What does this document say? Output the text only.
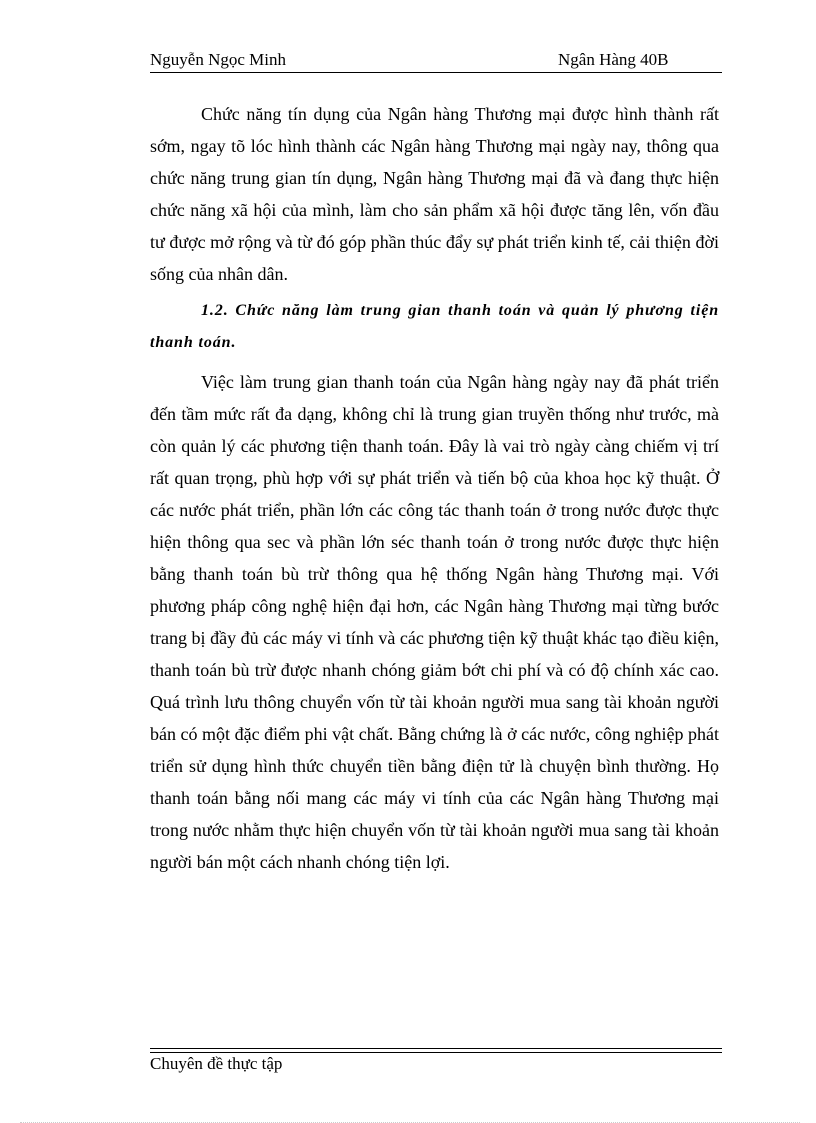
Nguyễn Ngọc Minh	Ngân Hàng 40B

Chức năng tín dụng của Ngân hàng Thương mại được hình thành rất sớm, ngay tõ lóc hình thành các Ngân hàng Thương mại ngày nay, thông qua chức năng trung gian tín dụng, Ngân hàng Thương mại đã và đang thực hiện chức năng xã hội của mình, làm cho sản phẩm xã hội được tăng lên, vốn đầu tư được mở rộng và từ đó góp phần thúc đẩy sự phát triển kinh tế, cải thiện đời sống của nhân dân.

1.2. Chức năng làm trung gian thanh toán và quản lý phương tiện thanh toán.

Việc làm trung gian thanh toán của Ngân hàng ngày nay đã phát triển đến tầm mức rất đa dạng, không chỉ là trung gian truyền thống như trước, mà còn quản lý các phương tiện thanh toán. Đây là vai trò ngày càng chiếm vị trí rất quan trọng, phù hợp với sự phát triển và tiến bộ của khoa học kỹ thuật. Ở các nước phát triển, phần lớn các công tác thanh toán ở trong nước được thực hiện thông qua sec và phần lớn séc thanh toán ở trong nước được thực hiện bằng thanh toán bù trừ thông qua hệ thống Ngân hàng Thương mại. Với phương pháp công nghệ hiện đại hơn, các Ngân hàng Thương mại từng bước trang bị đầy đủ các máy vi tính và các phương tiện kỹ thuật khác tạo điều kiện, thanh toán bù trừ được nhanh chóng giảm bớt chi phí và có độ chính xác cao. Quá trình lưu thông chuyển vốn từ tài khoản người mua sang tài khoản người bán có một đặc điểm phi vật chất. Bằng chứng là ở các nước, công nghiệp phát triển sử dụng hình thức chuyển tiền bằng điện tử là chuyện bình thường. Họ thanh toán bằng nối mang các máy vi tính của các Ngân hàng Thương mại trong nước nhằm thực hiện chuyển vốn từ tài khoản người mua sang tài khoản người bán một cách nhanh chóng tiện lợi.

Chuyên đề thực tập
